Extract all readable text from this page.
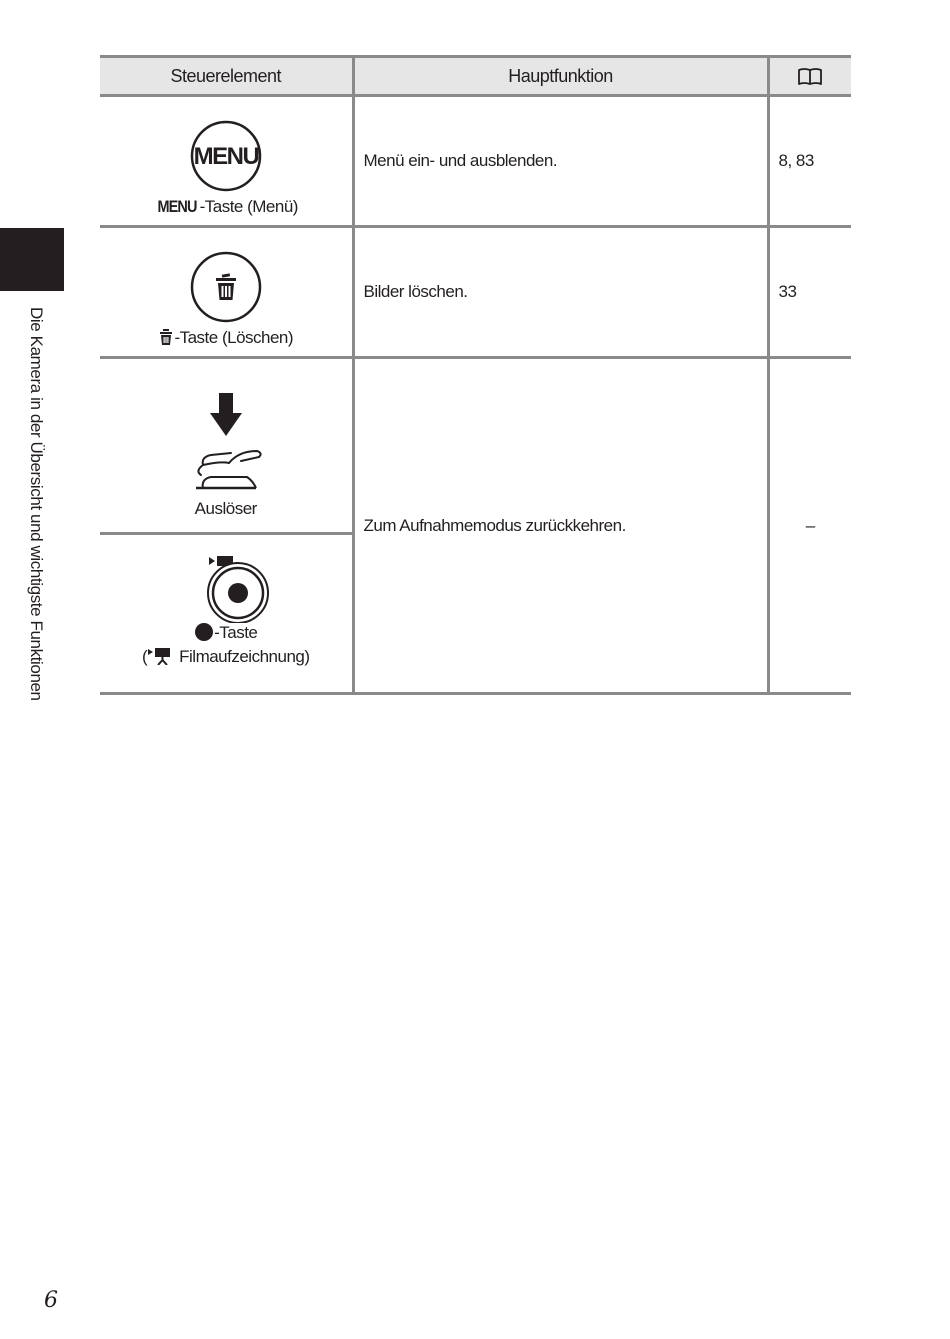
Die Kamera in der Übersicht und wichtigste Funktionen
Steuerelement	Hauptfunktion	

MENU
MENU -Taste (Menü)	Menü ein- und ausblenden.	8, 83

-Taste (Löschen)	Bilder löschen.	33

Auslöser	Zum Aufnahmemodus zurückkehren.	–

-Taste
( Filmaufzeichnung)		
6
